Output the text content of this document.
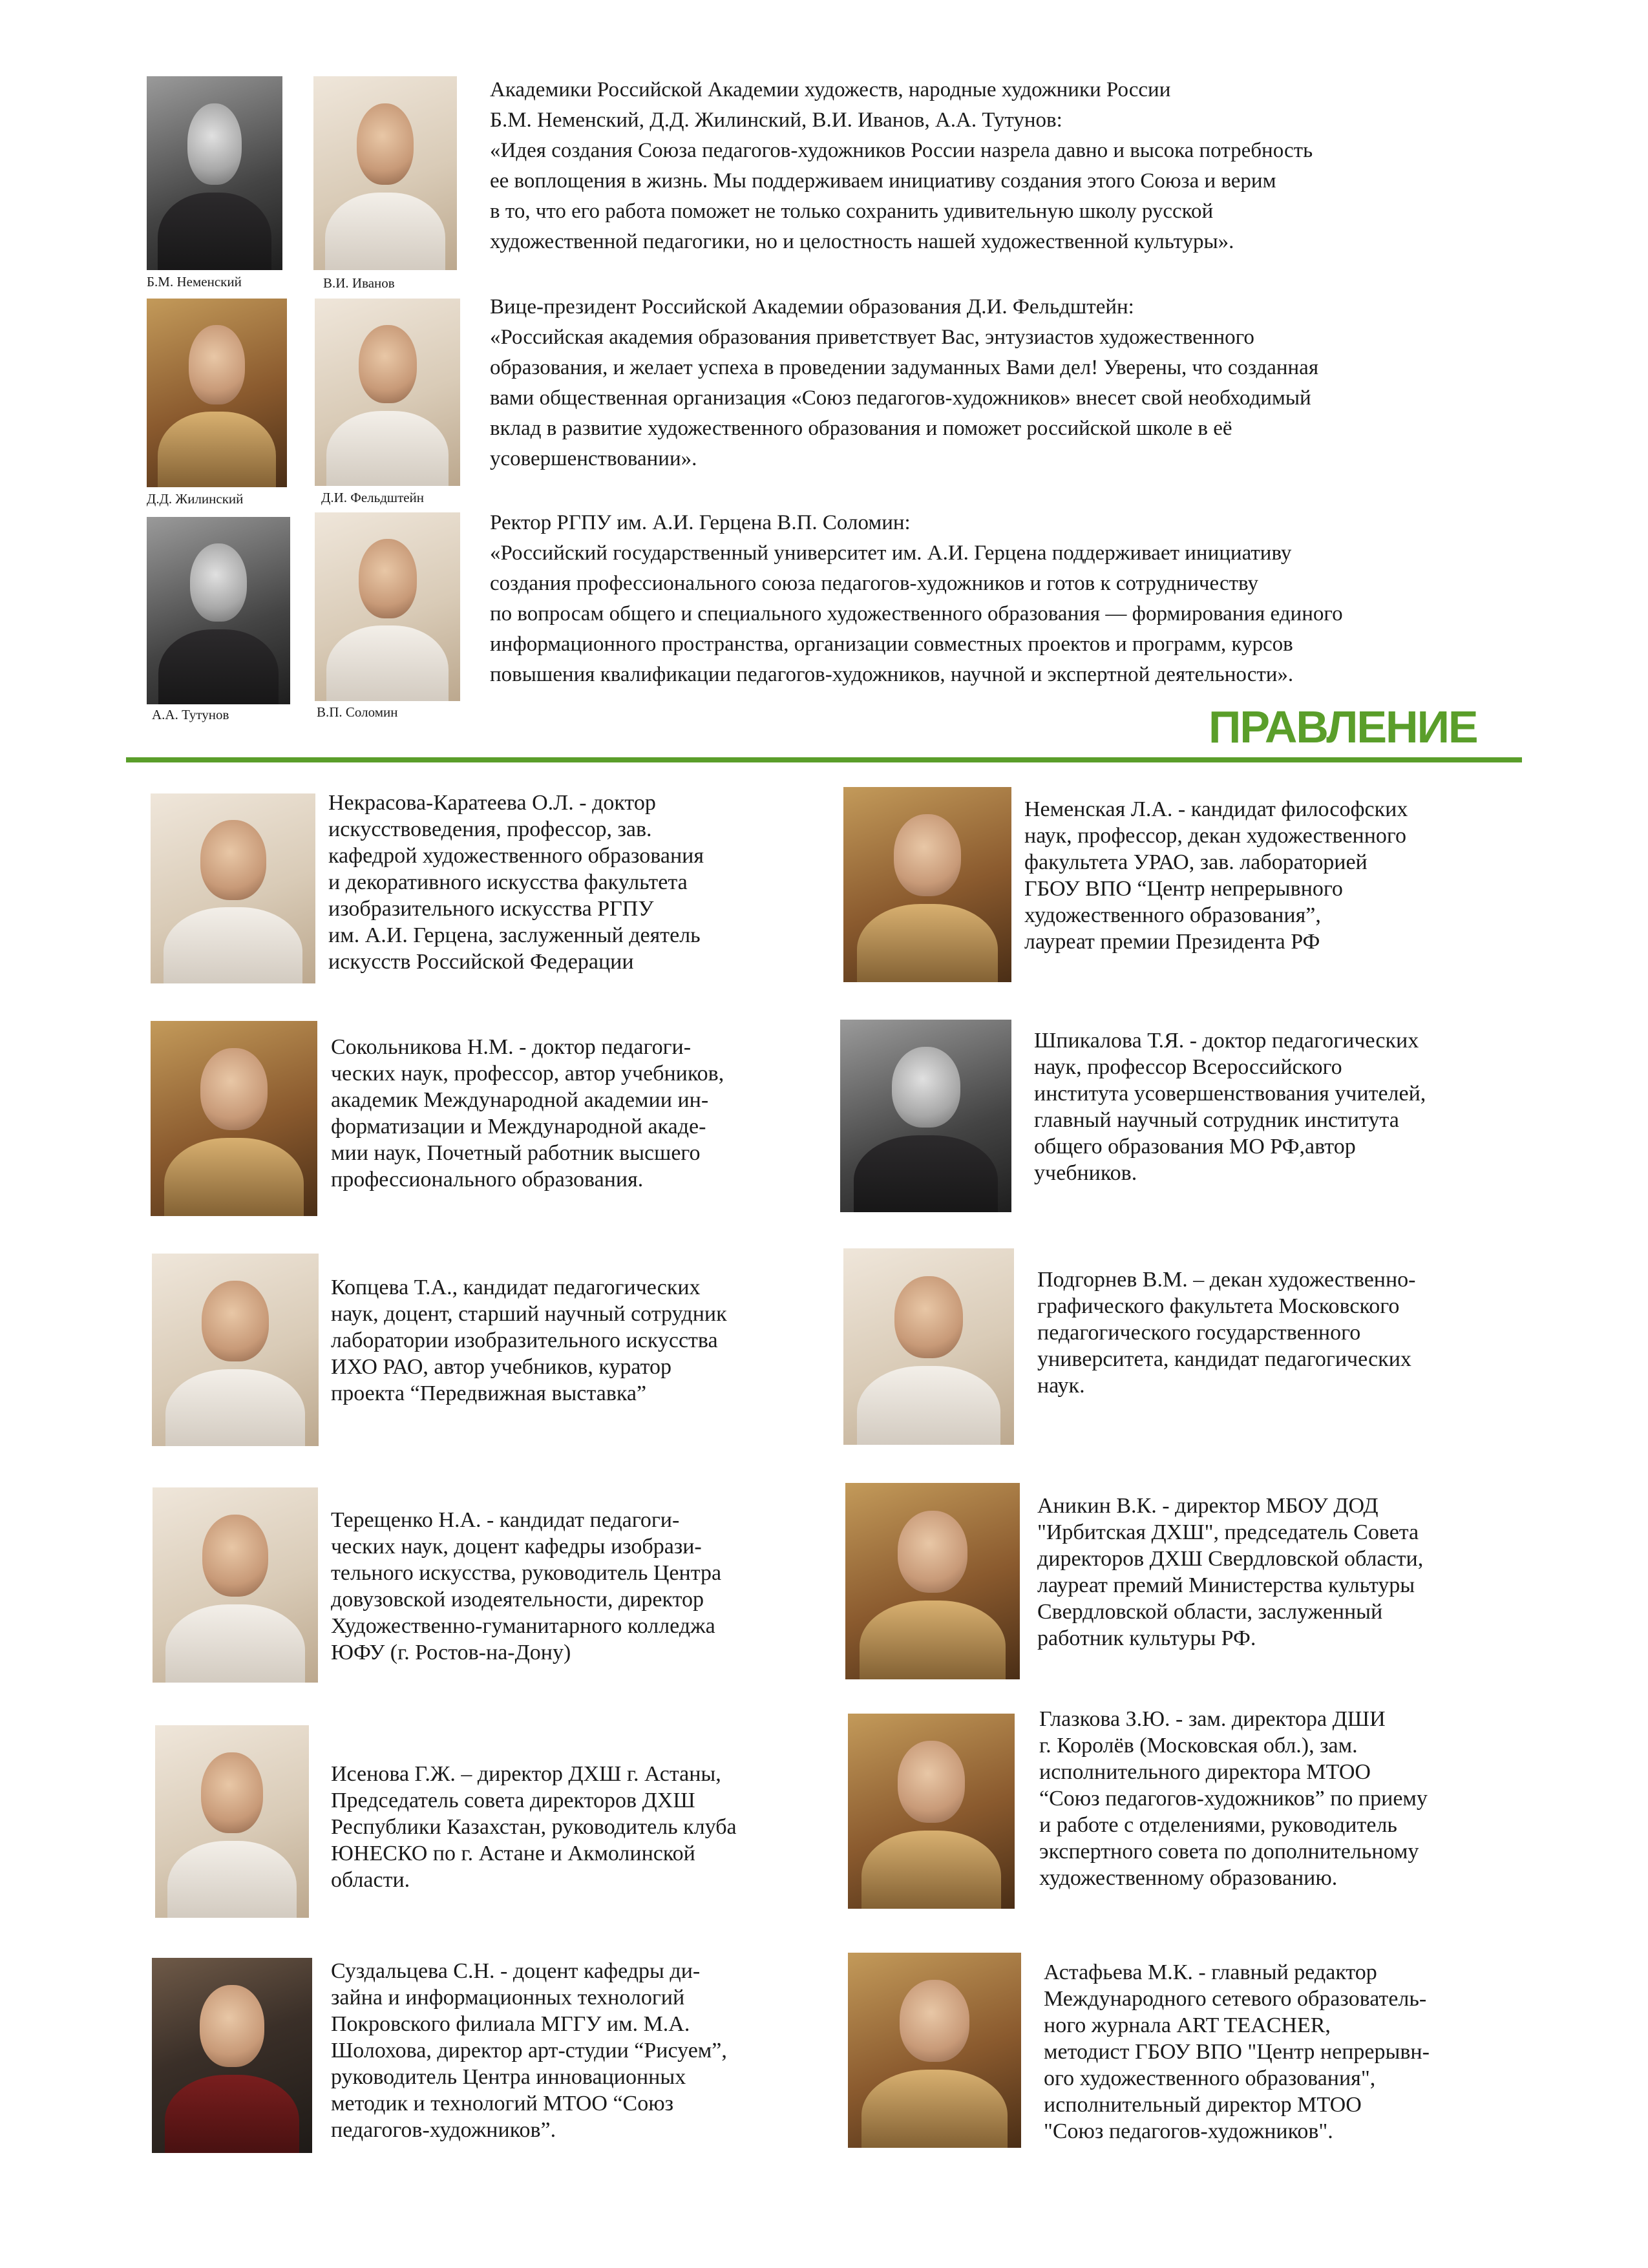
Б.М. Неменский	В.И. Иванов
Д.Д. Жилинский	Д.И. Фельдштейн
А.А. Тутунов	В.П. Соломин
Академики Российской Академии художеств, народные художники России
Б.М. Неменский, Д.Д. Жилинский, В.И. Иванов, А.А. Тутунов:
«Идея создания Союза педагогов-художников России назрела давно и высока потребность
ее воплощения в жизнь. Мы поддерживаем инициативу создания этого Союза и верим
в то, что его работа поможет не только сохранить удивительную школу русской
художественной педагогики, но и целостность нашей художественной культуры».
Вице-президент Российской Академии образования Д.И. Фельдштейн:
«Российская академия образования приветствует Вас, энтузиастов художественного
образования, и желает успеха в проведении задуманных Вами дел! Уверены, что созданная
вами общественная организация «Союз педагогов-художников» внесет свой необходимый
вклад в развитие художественного образования и поможет российской школе в её
усовершенствовании».
Ректор РГПУ им. А.И. Герцена В.П. Соломин:
«Российский государственный университет им. А.И. Герцена поддерживает инициативу
создания профессионального союза педагогов-художников и готов к сотрудничеству
по вопросам общего и специального художественного образования — формирования единого
информационного пространства, организации совместных проектов и программ, курсов
повышения квалификации педагогов-художников, научной и экспертной деятельности».
ПРАВЛЕНИЕ
Некрасова-Каратеева О.Л. - доктор
искусствоведения, профессор, зав.
кафедрой художественного образования
и декоративного искусства факультета
изобразительного искусства РГПУ
им. А.И. Герцена, заслуженный деятель
искусств Российской Федерации
Сокольникова Н.М. - доктор педагоги-
ческих наук, профессор, автор учебников,
академик Международной академии ин-
форматизации и Международной акаде-
мии наук, Почетный работник высшего
профессионального образования.
Копцева Т.А., кандидат педагогических
наук, доцент, старший научный сотрудник
лаборатории изобразительного искусства
ИХО РАО, автор учебников, куратор
проекта “Передвижная выставка”
Терещенко Н.А. - кандидат педагоги-
ческих наук, доцент кафедры изобрази-
тельного искусства, руководитель Центра
довузовской изодеятельности, директор
Художественно-гуманитарного колледжа
ЮФУ (г. Ростов-на-Дону)
Исенова Г.Ж. – директор ДХШ г. Астаны,
Председатель совета директоров ДХШ
Республики Казахстан, руководитель клуба
ЮНЕСКО по г. Астане и Акмолинской
области.
Суздальцева С.Н. - доцент кафедры ди-
зайна и информационных технологий
Покровского филиала МГГУ им. М.А.
Шолохова, директор арт-студии “Рисуем”,
руководитель Центра инновационных
методик и технологий МТОО “Союз
педагогов-художников”.
Неменская Л.А. - кандидат философских
наук, профессор, декан художественного
факультета УРАО, зав. лабораторией
ГБОУ ВПО “Центр непрерывного
художественного образования”,
лауреат премии Президента РФ
Шпикалова Т.Я. - доктор педагогических
наук, профессор Всероссийского
института усовершенствования учителей,
главный научный сотрудник института
общего образования МО РФ,автор
учебников.
Подгорнев В.М. – декан художественно-
графического факультета Московского
педагогического государственного
университета, кандидат педагогических
наук.
Аникин В.К. - директор МБОУ ДОД
"Ирбитская ДХШ", председатель Совета
директоров ДХШ Свердловской области,
лауреат премий Министерства культуры
Свердловской области, заслуженный
работник культуры РФ.
Глазкова З.Ю. - зам. директора ДШИ
г. Королёв (Московская обл.), зам.
исполнительного директора МТОО
“Союз педагогов-художников” по приему
и работе с отделениями, руководитель
экспертного совета по дополнительному
художественному образованию.
Астафьева М.К. - главный редактор
Международного сетевого образователь-
ного журнала ART TEACHER,
методист ГБОУ ВПО "Центр непрерывн-
ого художественного образования",
исполнительный директор МТОО
"Союз педагогов-художников".
